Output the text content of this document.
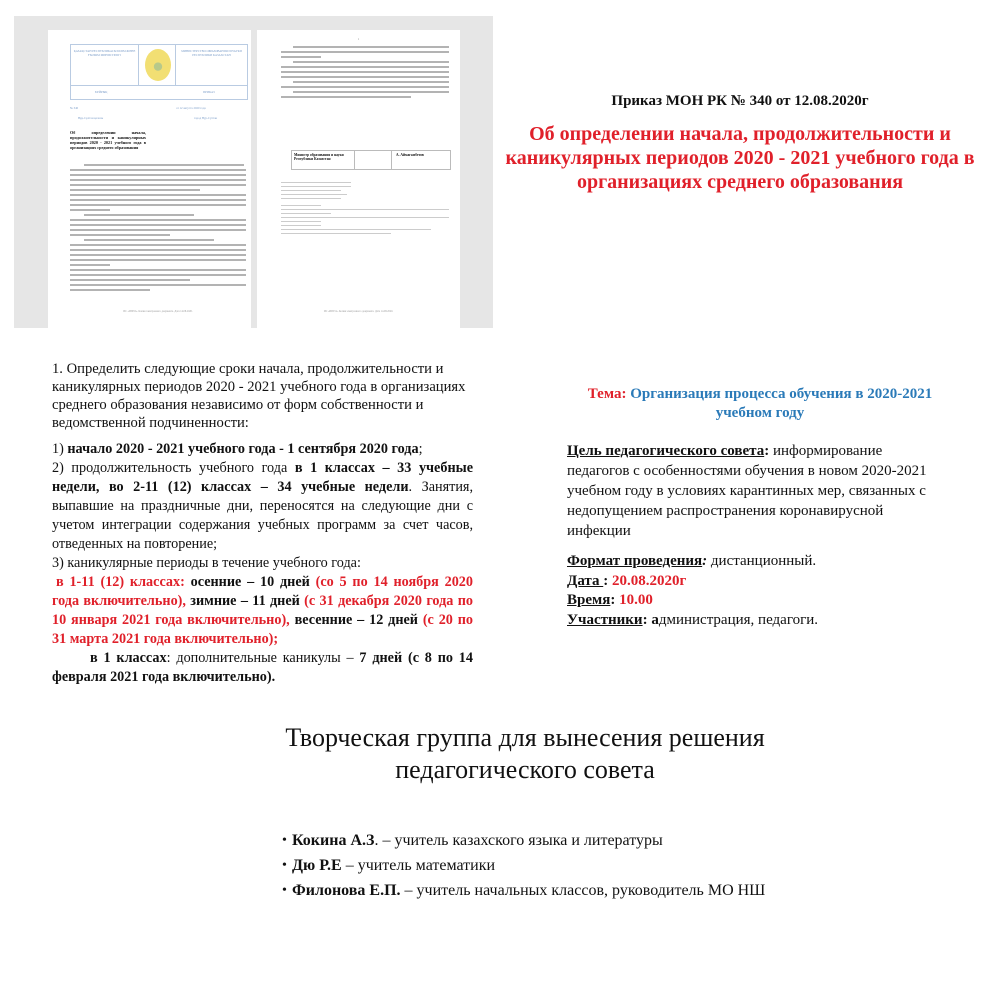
ҚАЗАҚСТАН РЕСПУБЛИКАСЫ БІЛІМ ЖӘНЕ ҒЫЛЫМ МИНИСТРЛІГІ
МИНИСТЕРСТВО ОБРАЗОВАНИЯ И НАУКИ РЕСПУБЛИКИ КАЗАХСТАН
БҰЙРЫҚ	ПРИКАЗ
№ 340	от 12 августа 2020 года
Нұр-Сұлтан қаласы	город Нур-Султан
Об определении начала, продолжительности и каникулярных периодов 2020 - 2021 учебного года в организациях среднего образования
ИС «ИПГО». Копия электронного документа. Дата 14.08.2020.
2
Министр образования и науки Республики Казахстан
А. Аймагамбетов
ИС «ИПГО». Копия электронного документа. Дата 14.08.2020.
Приказ МОН РК № 340 от 12.08.2020г
Об определении начала, продолжительности и каникулярных периодов 2020 - 2021 учебного года в организациях среднего образования

1. Определить следующие сроки начала, продолжительности и каникулярных периодов 2020 - 2021 учебного года в организациях среднего образования независимо от форм собственности и ведомственной подчиненности:

1) начало 2020 - 2021 учебного года - 1 сентября 2020 года;

2) продолжительность учебного года в 1 классах – 33 учебные недели, во 2-11 (12) классах – 34 учебные недели. Занятия, выпавшие на праздничные дни, переносятся на следующие дни с учетом интеграции содержания учебных программ за счет часов, отведенных на повторение;

3) каникулярные периоды в течение учебного года:

в 1-11 (12) классах: осенние – 10 дней (со 5 по 14 ноября 2020 года включительно), зимние – 11 дней (с 31 декабря 2020 года по 10 января 2021 года включительно), весенние – 12 дней (с 20 по 31 марта 2021 года включительно);

в 1 классах: дополнительные каникулы – 7 дней (с 8 по 14 февраля 2021 года включительно).

Тема: Организация процесса обучения в 2020-2021 учебном году
Цель педагогического совета: информирование педагогов с особенностями обучения в новом 2020-2021 учебном году в условиях карантинных мер, связанных с недопущением распространения коронавирусной инфекции
Формат проведения: дистанционный.
Дата : 20.08.2020г
Время: 10.00
Участники: администрация, педагоги.
Творческая группа для вынесения решения педагогического совета
• Кокина А.З. – учитель казахского языка и литературы
• Дю Р.Е – учитель математики
• Филонова Е.П. – учитель начальных классов, руководитель МО НШ
